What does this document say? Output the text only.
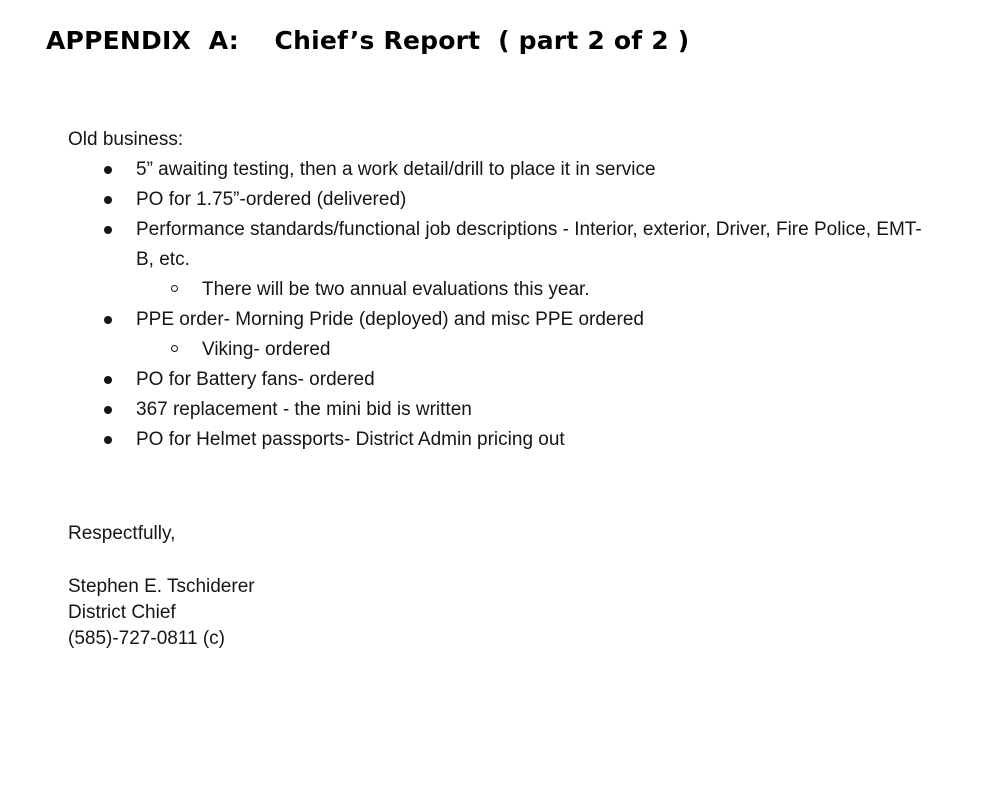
APPENDIX  A:    Chief’s Report  ( part 2 of 2 )

Old business:

5” awaiting testing, then a work detail/drill to place it in service
PO for 1.75”-ordered (delivered)
Performance standards/functional job descriptions - Interior, exterior, Driver, Fire Police, EMT-B, etc.
There will be two annual evaluations this year.
PPE order- Morning Pride (deployed) and misc PPE ordered
Viking- ordered
PO for Battery fans- ordered
367 replacement - the mini bid is written
PO for Helmet passports- District Admin pricing out

Respectfully,

Stephen E. Tschiderer
District Chief
(585)-727-0811 (c)
